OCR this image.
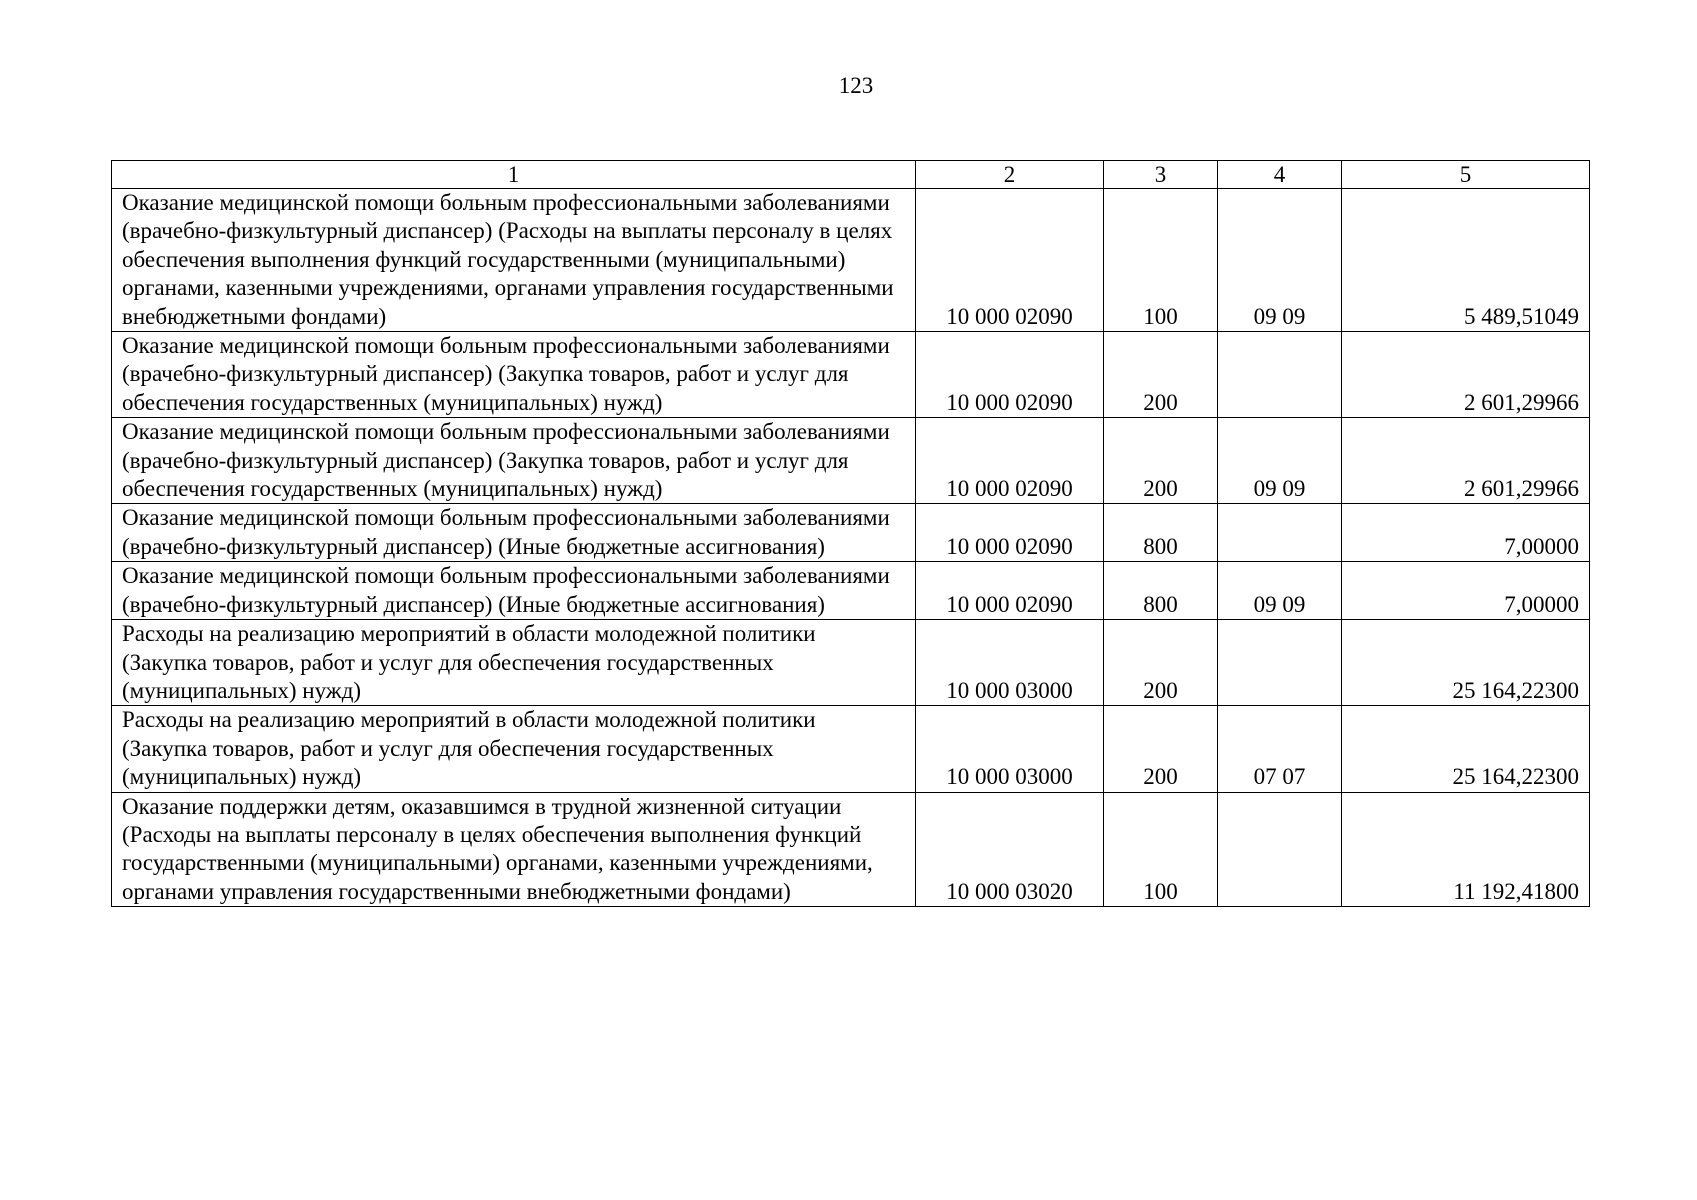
123
1	2	3	4	5
Оказание медицинской помощи больным профессиональными заболеваниями (врачебно-физкультурный диспансер) (Расходы на выплаты персоналу в целях обеспечения выполнения функций государственными (муниципальными) органами, казенными учреждениями, органами управления государственными внебюджетными фондами)	10 000 02090	100	09 09	5 489,51049
Оказание медицинской помощи больным профессиональными заболеваниями (врачебно-физкультурный диспансер) (Закупка товаров, работ и услуг для обеспечения государственных (муниципальных) нужд)	10 000 02090	200		2 601,29966
Оказание медицинской помощи больным профессиональными заболеваниями (врачебно-физкультурный диспансер) (Закупка товаров, работ и услуг для обеспечения государственных (муниципальных) нужд)	10 000 02090	200	09 09	2 601,29966
Оказание медицинской помощи больным профессиональными заболеваниями (врачебно-физкультурный диспансер) (Иные бюджетные ассигнования)	10 000 02090	800		7,00000
Оказание медицинской помощи больным профессиональными заболеваниями (врачебно-физкультурный диспансер) (Иные бюджетные ассигнования)	10 000 02090	800	09 09	7,00000
Расходы на реализацию мероприятий в области молодежной политики (Закупка товаров, работ и услуг для обеспечения государственных (муниципальных) нужд)	10 000 03000	200		25 164,22300
Расходы на реализацию мероприятий в области молодежной политики (Закупка товаров, работ и услуг для обеспечения государственных (муниципальных) нужд)	10 000 03000	200	07 07	25 164,22300
Оказание поддержки детям, оказавшимся в трудной жизненной ситуации (Расходы на выплаты персоналу в целях обеспечения выполнения функций государственными (муниципальными) органами, казенными учреждениями, органами управления государственными внебюджетными фондами)	10 000 03020	100		11 192,41800
